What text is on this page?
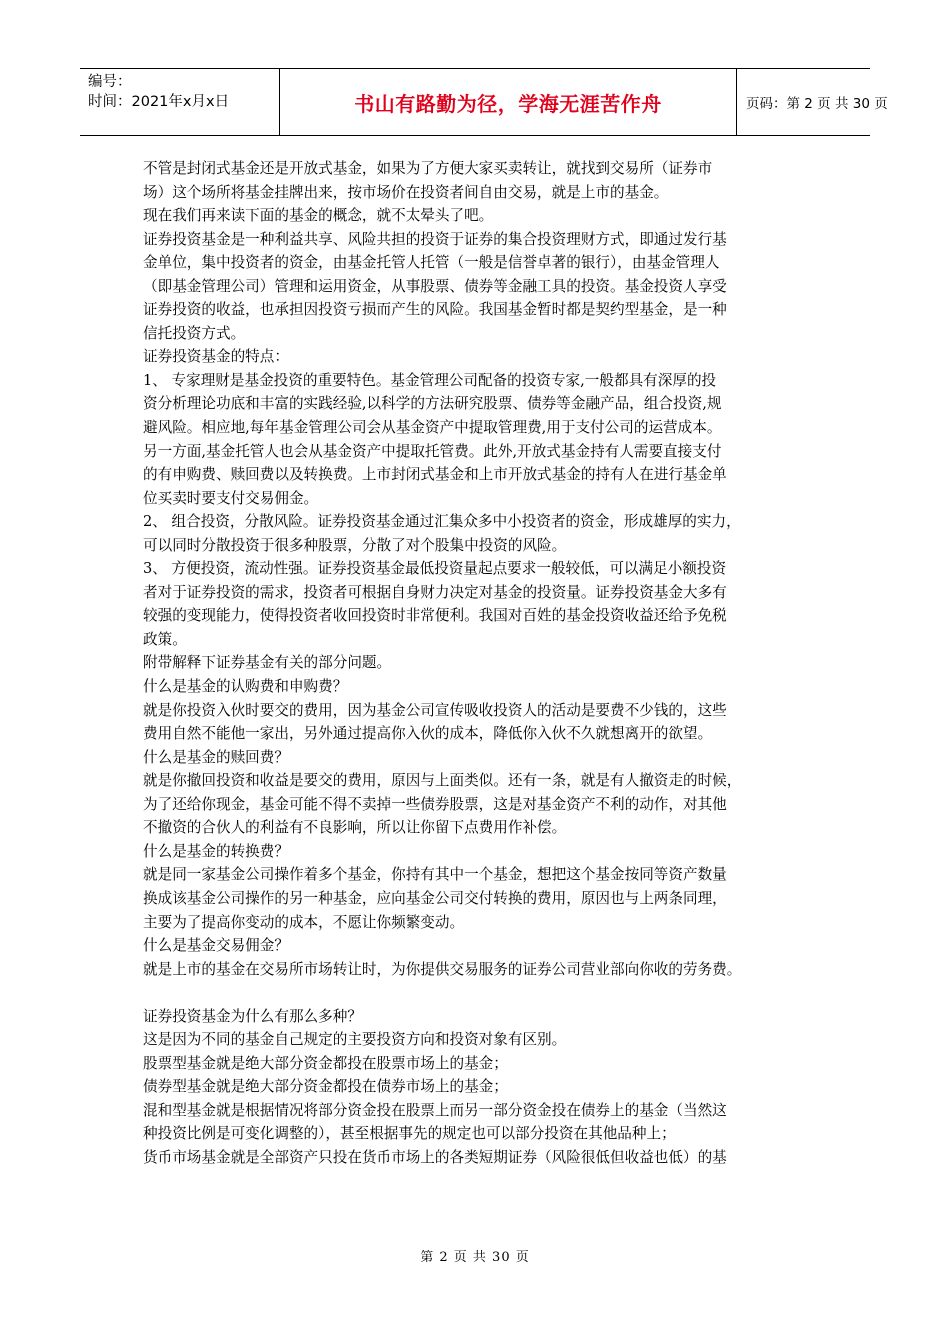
编号：
时间：2021年x月x日	书山有路勤为径，学海无涯苦作舟	页码：第 2 页 共 30 页
不管是封闭式基金还是开放式基金，如果为了方便大家买卖转让，就找到交易所（证券市
场）这个场所将基金挂牌出来，按市场价在投资者间自由交易，就是上市的基金。
现在我们再来读下面的基金的概念，就不太晕头了吧。
证券投资基金是一种利益共享、风险共担的投资于证券的集合投资理财方式，即通过发行基
金单位，集中投资者的资金，由基金托管人托管（一般是信誉卓著的银行），由基金管理人
（即基金管理公司）管理和运用资金，从事股票、债券等金融工具的投资。基金投资人享受
证券投资的收益，也承担因投资亏损而产生的风险。我国基金暂时都是契约型基金，是一种
信托投资方式。
证券投资基金的特点：
1、 专家理财是基金投资的重要特色。基金管理公司配备的投资专家,一般都具有深厚的投
资分析理论功底和丰富的实践经验,以科学的方法研究股票、债券等金融产品，组合投资,规
避风险。相应地,每年基金管理公司会从基金资产中提取管理费,用于支付公司的运营成本。
另一方面,基金托管人也会从基金资产中提取托管费。此外,开放式基金持有人需要直接支付
的有申购费、赎回费以及转换费。上市封闭式基金和上市开放式基金的持有人在进行基金单
位买卖时要支付交易佣金。
2、 组合投资，分散风险。证券投资基金通过汇集众多中小投资者的资金，形成雄厚的实力，
可以同时分散投资于很多种股票，分散了对个股集中投资的风险。
3、 方便投资，流动性强。证券投资基金最低投资量起点要求一般较低，可以满足小额投资
者对于证券投资的需求，投资者可根据自身财力决定对基金的投资量。证券投资基金大多有
较强的变现能力，使得投资者收回投资时非常便利。我国对百姓的基金投资收益还给予免税
政策。
附带解释下证券基金有关的部分问题。
什么是基金的认购费和申购费？
就是你投资入伙时要交的费用，因为基金公司宣传吸收投资人的活动是要费不少钱的，这些
费用自然不能他一家出，另外通过提高你入伙的成本，降低你入伙不久就想离开的欲望。
什么是基金的赎回费？
就是你撤回投资和收益是要交的费用，原因与上面类似。还有一条，就是有人撤资走的时候，
为了还给你现金，基金可能不得不卖掉一些债券股票，这是对基金资产不利的动作，对其他
不撤资的合伙人的利益有不良影响，所以让你留下点费用作补偿。
什么是基金的转换费？
就是同一家基金公司操作着多个基金，你持有其中一个基金，想把这个基金按同等资产数量
换成该基金公司操作的另一种基金，应向基金公司交付转换的费用，原因也与上两条同理，
主要为了提高你变动的成本，不愿让你频繁变动。
什么是基金交易佣金？
就是上市的基金在交易所市场转让时，为你提供交易服务的证券公司营业部向你收的劳务费。
证券投资基金为什么有那么多种？
这是因为不同的基金自己规定的主要投资方向和投资对象有区别。
股票型基金就是绝大部分资金都投在股票市场上的基金；
债券型基金就是绝大部分资金都投在债券市场上的基金；
混和型基金就是根据情况将部分资金投在股票上而另一部分资金投在债券上的基金（当然这
种投资比例是可变化调整的），甚至根据事先的规定也可以部分投资在其他品种上；
货币市场基金就是全部资产只投在货币市场上的各类短期证券（风险很低但收益也低）的基
第 2 页 共 30 页
